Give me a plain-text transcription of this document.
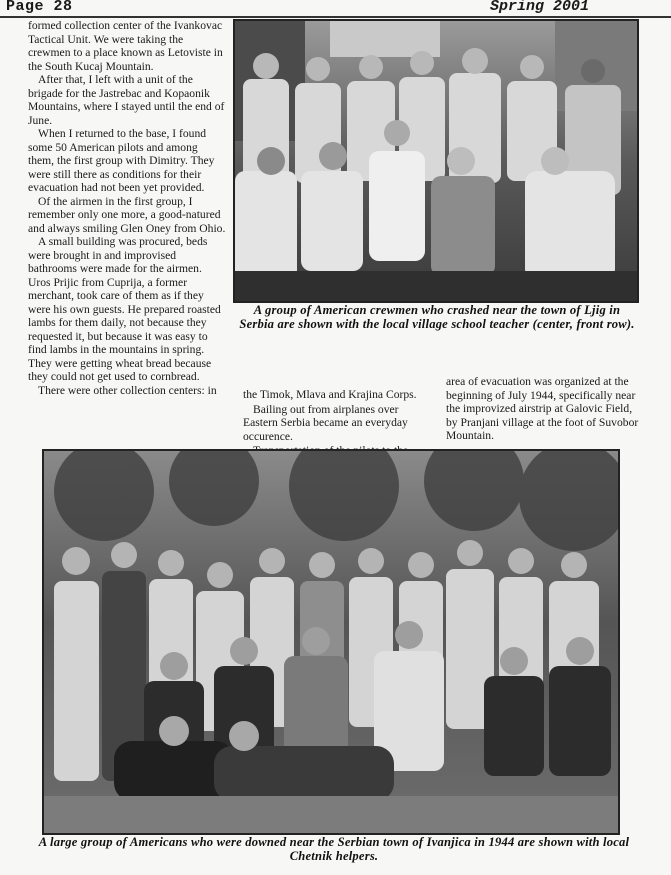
Page 28	Spring 2001

formed collection center of the Ivankovac Tactical Unit. We were taking the crewmen to a place known as Letoviste in the South Kucaj Mountain.

After that, I left with a unit of the brigade for the Jastrebac and Kopaonik Mountains, where I stayed until the end of June.

When I returned to the base, I found some 50 American pilots and among them, the first group with Dimitry. They were still there as conditions for their evacuation had not been yet provided.

Of the airmen in the first group, I remember only one more, a good-natured and always smiling Glen Oney from Ohio.

A small building was procured, beds were brought in and improvised bathrooms were made for the airmen. Uros Prijic from Cuprija, a former merchant, took care of them as if they were his own guests. He prepared roasted lambs for them daily, not because they requested it, but because it was easy to find lambs in the mountains in spring. They were getting wheat bread because they could not get used to cornbread.

There were other collection centers: in

A group of American crewmen who crashed near the town of Ljig in Serbia are shown with the local village school teacher (center, front row).

the Timok, Mlava and Krajina Corps.

Bailing out from airplanes over Eastern Serbia became an everyday occurence.

area of evacuation was organized at the beginning of July 1944, specifically near the improvized airstrip at Galovic Field, by Pranjani village at the foot of Suvobor Mountain.

A large group of Americans who were downed near the Serbian town of Ivanjica in 1944 are shown with local Chetnik helpers.
